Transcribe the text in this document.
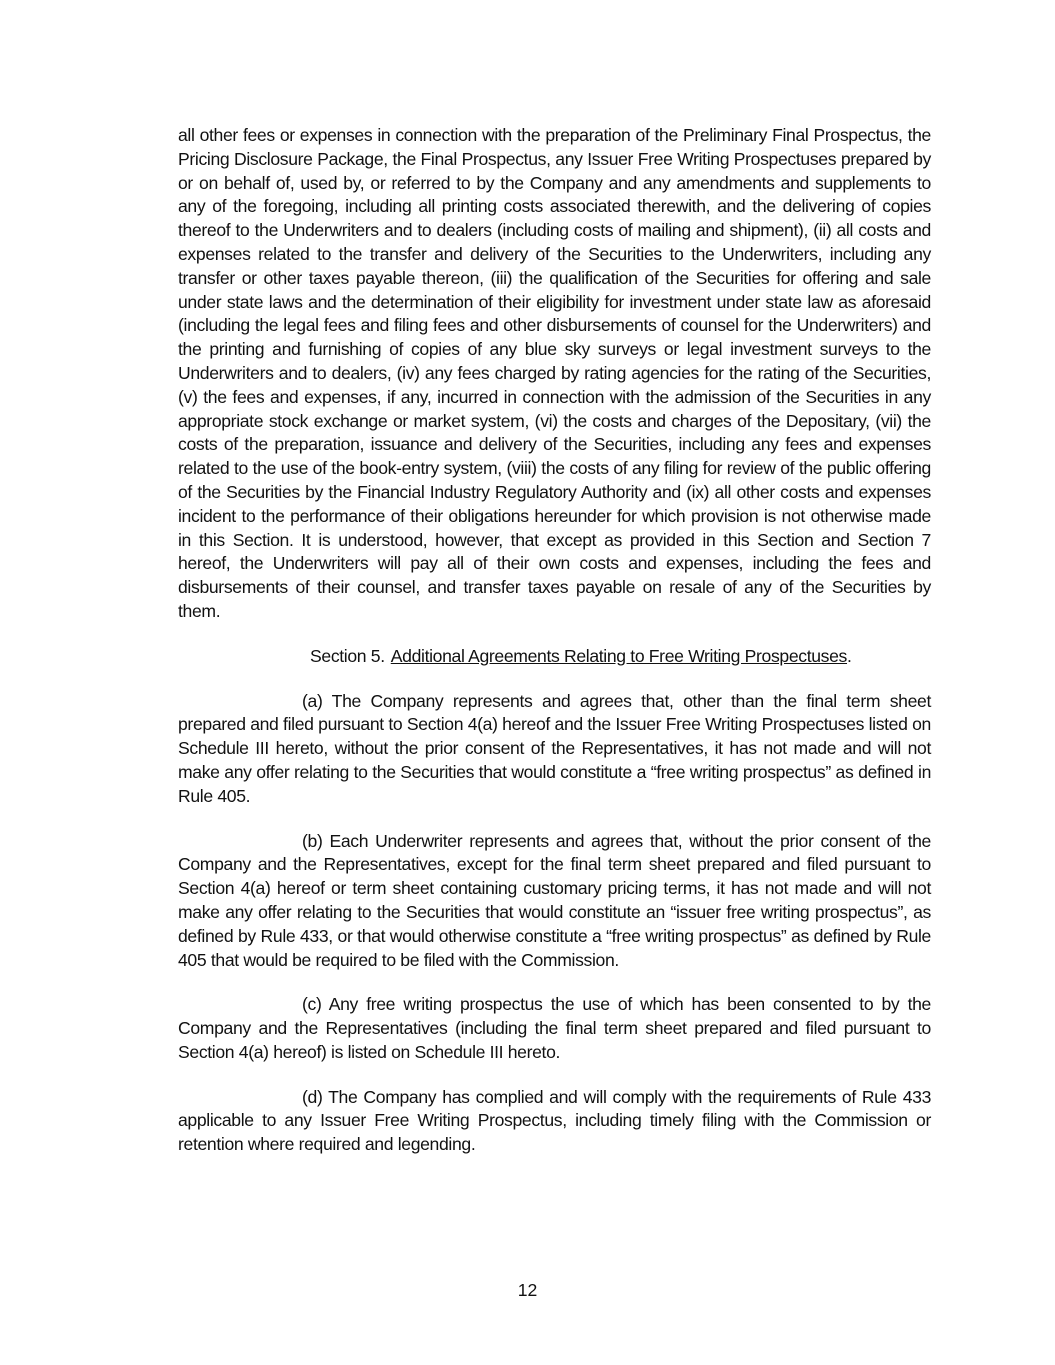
all other fees or expenses in connection with the preparation of the Preliminary Final Prospectus, the Pricing Disclosure Package, the Final Prospectus, any Issuer Free Writing Prospectuses prepared by or on behalf of, used by, or referred to by the Company and any amendments and supplements to any of the foregoing, including all printing costs associated therewith, and the delivering of copies thereof to the Underwriters and to dealers (including costs of mailing and shipment), (ii) all costs and expenses related to the transfer and delivery of the Securities to the Underwriters, including any transfer or other taxes payable thereon, (iii) the qualification of the Securities for offering and sale under state laws and the determination of their eligibility for investment under state law as aforesaid (including the legal fees and filing fees and other disbursements of counsel for the Underwriters) and the printing and furnishing of copies of any blue sky surveys or legal investment surveys to the Underwriters and to dealers, (iv) any fees charged by rating agencies for the rating of the Securities, (v) the fees and expenses, if any, incurred in connection with the admission of the Securities in any appropriate stock exchange or market system, (vi) the costs and charges of the Depositary, (vii) the costs of the preparation, issuance and delivery of the Securities, including any fees and expenses related to the use of the book-entry system, (viii) the costs of any filing for review of the public offering of the Securities by the Financial Industry Regulatory Authority and (ix) all other costs and expenses incident to the performance of their obligations hereunder for which provision is not otherwise made in this Section. It is understood, however, that except as provided in this Section and Section 7 hereof, the Underwriters will pay all of their own costs and expenses, including the fees and disbursements of their counsel, and transfer taxes payable on resale of any of the Securities by them.

Section 5. Additional Agreements Relating to Free Writing Prospectuses.

(a) The Company represents and agrees that, other than the final term sheet prepared and filed pursuant to Section 4(a) hereof and the Issuer Free Writing Prospectuses listed on Schedule III hereto, without the prior consent of the Representatives, it has not made and will not make any offer relating to the Securities that would constitute a “free writing prospectus” as defined in Rule 405.

(b) Each Underwriter represents and agrees that, without the prior consent of the Company and the Representatives, except for the final term sheet prepared and filed pursuant to Section 4(a) hereof or term sheet containing customary pricing terms, it has not made and will not make any offer relating to the Securities that would constitute an “issuer free writing prospectus”, as defined by Rule 433, or that would otherwise constitute a “free writing prospectus” as defined by Rule 405 that would be required to be filed with the Commission.

(c) Any free writing prospectus the use of which has been consented to by the Company and the Representatives (including the final term sheet prepared and filed pursuant to Section 4(a) hereof) is listed on Schedule III hereto.

(d) The Company has complied and will comply with the requirements of Rule 433 applicable to any Issuer Free Writing Prospectus, including timely filing with the Commission or retention where required and legending.

12
